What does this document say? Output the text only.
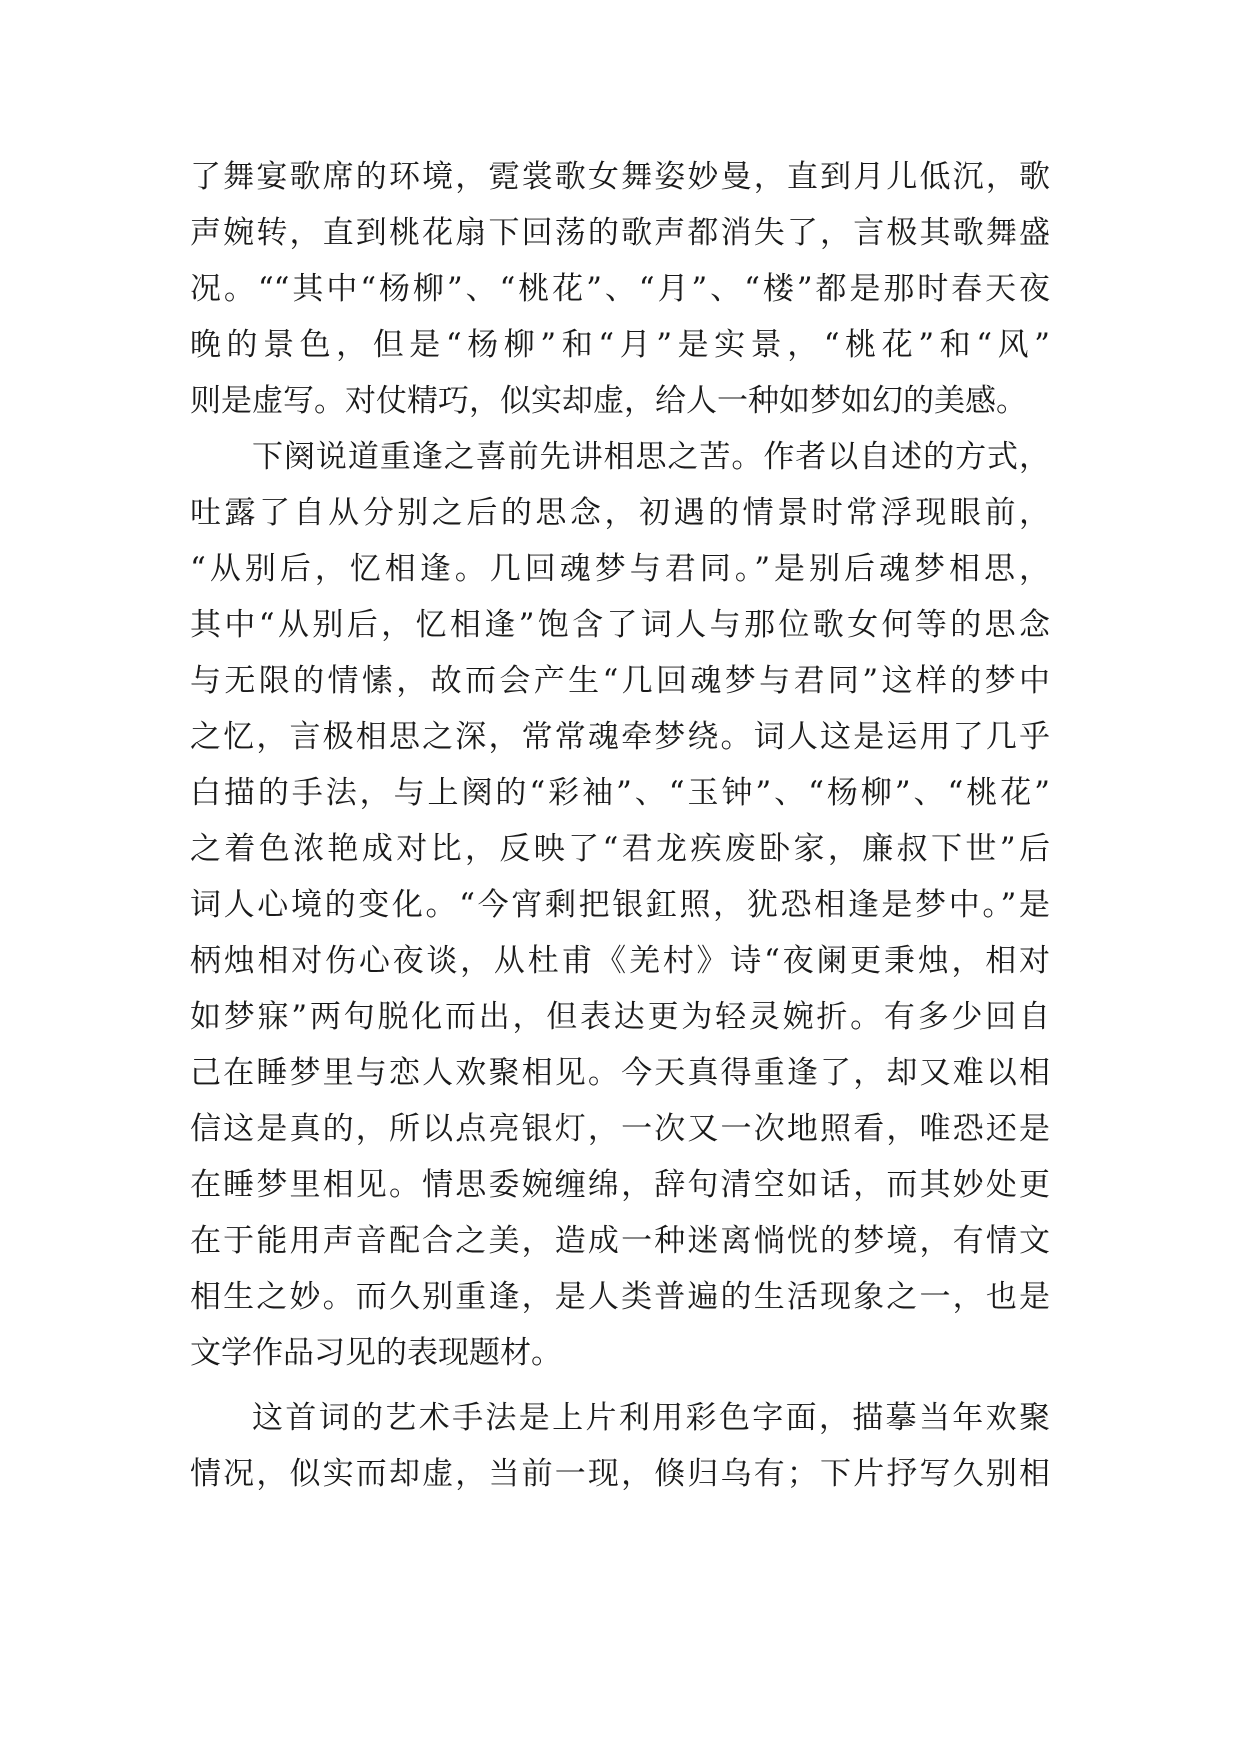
了舞宴歌席的环境，霓裳歌女舞姿妙曼，直到月儿低沉，歌
声婉转，直到桃花扇下回荡的歌声都消失了，言极其歌舞盛
况。““其中“杨柳”、“桃花”、“月”、“楼”都是那时春天夜
晚的景色，但是“杨柳”和“月”是实景，“桃花”和“风”
则是虚写。对仗精巧，似实却虚，给人一种如梦如幻的美感。
下阕说道重逢之喜前先讲相思之苦。作者以自述的方式，
吐露了自从分别之后的思念，初遇的情景时常浮现眼前，
“从别后，忆相逢。几回魂梦与君同。”是别后魂梦相思，
其中“从别后，忆相逢”饱含了词人与那位歌女何等的思念
与无限的情愫，故而会产生“几回魂梦与君同”这样的梦中
之忆，言极相思之深，常常魂牵梦绕。词人这是运用了几乎
白描的手法，与上阕的“彩袖”、“玉钟”、“杨柳”、“桃花”
之着色浓艳成对比，反映了“君龙疾废卧家，廉叔下世”后
词人心境的变化。“今宵剩把银釭照，犹恐相逢是梦中。”是
柄烛相对伤心夜谈，从杜甫《羌村》诗“夜阑更秉烛，相对
如梦寐”两句脱化而出，但表达更为轻灵婉折。有多少回自
己在睡梦里与恋人欢聚相见。今天真得重逢了，却又难以相
信这是真的，所以点亮银灯，一次又一次地照看，唯恐还是
在睡梦里相见。情思委婉缠绵，辞句清空如话，而其妙处更
在于能用声音配合之美，造成一种迷离惝恍的梦境，有情文
相生之妙。而久别重逢，是人类普遍的生活现象之一，也是
文学作品习见的表现题材。
这首词的艺术手法是上片利用彩色字面，描摹当年欢聚
情况，似实而却虚，当前一现，倏归乌有；下片抒写久别相
